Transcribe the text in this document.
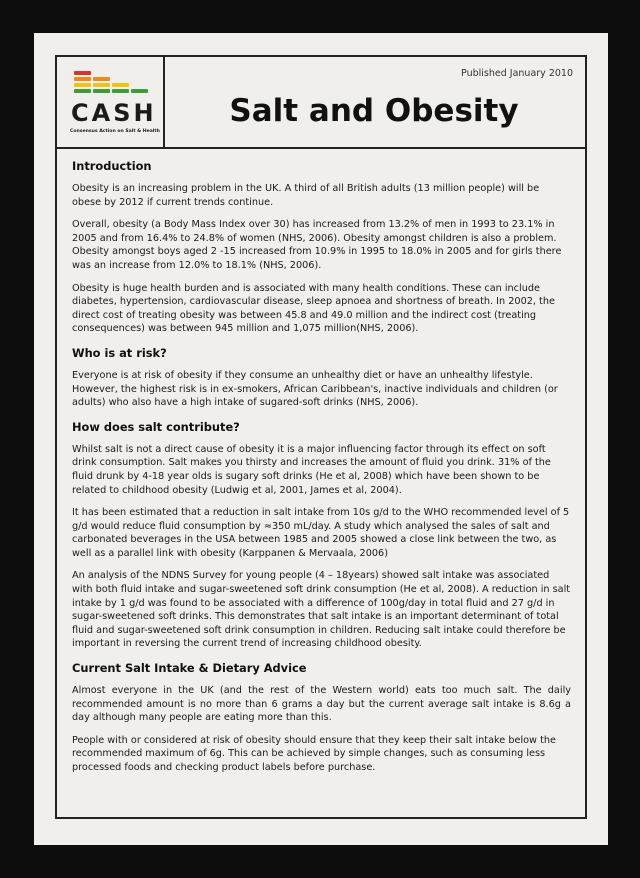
CASH
Consensus Action on Salt & Health
Published January 2010
Salt and Obesity
Introduction

Obesity is an increasing problem in the UK. A third of all British adults (13 million people) will be obese by 2012 if current trends continue.

Overall, obesity (a Body Mass Index over 30) has increased from 13.2% of men in 1993 to 23.1% in 2005 and from 16.4% to 24.8% of women (NHS, 2006). Obesity amongst children is also a problem. Obesity amongst boys aged 2 -15 increased from 10.9% in 1995 to 18.0% in 2005 and for girls there was an increase from 12.0% to 18.1% (NHS, 2006).

Obesity is huge health burden and is associated with many health conditions. These can include diabetes, hypertension, cardiovascular disease, sleep apnoea and shortness of breath. In 2002, the direct cost of treating obesity was between 45.8 and 49.0 million and the indirect cost (treating consequences) was between 945 million and 1,075 million(NHS, 2006).

Who is at risk?

Everyone is at risk of obesity if they consume an unhealthy diet or have an unhealthy lifestyle. However, the highest risk is in ex-smokers, African Caribbean's, inactive individuals and children (or adults) who also have a high intake of sugared-soft drinks (NHS, 2006).

How does salt contribute?

Whilst salt is not a direct cause of obesity it is a major influencing factor through its effect on soft drink consumption. Salt makes you thirsty and increases the amount of fluid you drink. 31% of the fluid drunk by 4-18 year olds is sugary soft drinks (He et al, 2008) which have been shown to be related to childhood obesity (Ludwig et al, 2001, James et al, 2004).

It has been estimated that a reduction in salt intake from 10s g/d to the WHO recommended level of 5 g/d would reduce fluid consumption by ≈350 mL/day. A study which analysed the sales of salt and carbonated beverages in the USA between 1985 and 2005 showed a close link between the two, as well as a parallel link with obesity (Karppanen & Mervaala, 2006)

An analysis of the NDNS Survey for young people (4 – 18years) showed salt intake was associated with both fluid intake and sugar-sweetened soft drink consumption (He et al, 2008). A reduction in salt intake by 1 g/d was found to be associated with a difference of 100g/day in total fluid and 27 g/d in sugar-sweetened soft drinks. This demonstrates that salt intake is an important determinant of total fluid and sugar-sweetened soft drink consumption in children. Reducing salt intake could therefore be important in reversing the current trend of increasing childhood obesity.

Current Salt Intake & Dietary Advice

Almost everyone in the UK (and the rest of the Western world) eats too much salt. The daily recommended amount is no more than 6 grams a day but the current average salt intake is 8.6g a day although many people are eating more than this.

People with or considered at risk of obesity should ensure that they keep their salt intake below the recommended maximum of 6g. This can be achieved by simple changes, such as consuming less processed foods and checking product labels before purchase.
